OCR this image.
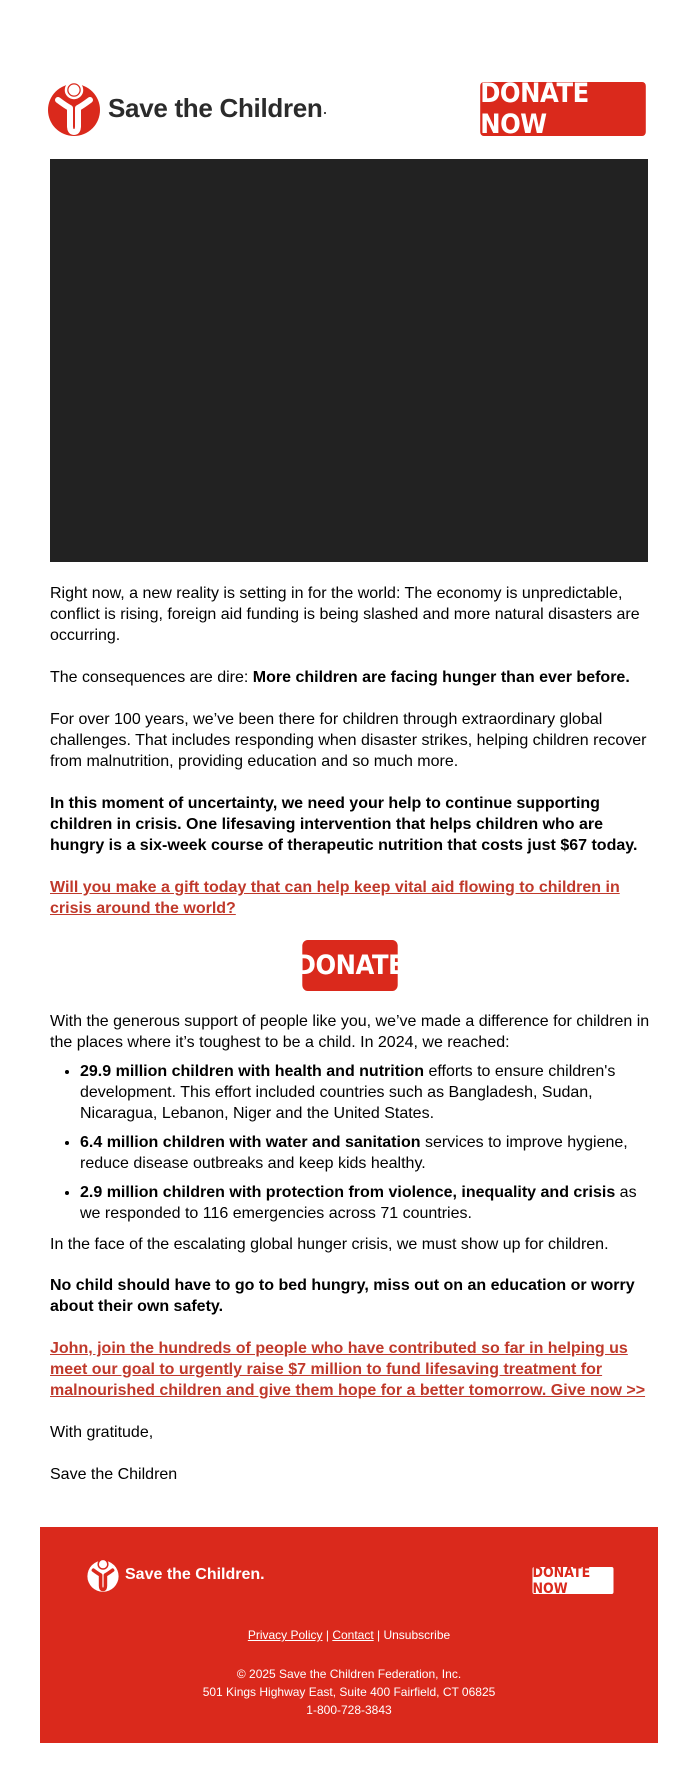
Save the Children .	DONATE NOW

Right now, a new reality is setting in for the world: The economy is unpredictable, conflict is rising, foreign aid funding is being slashed and more natural disasters are occurring.

The consequences are dire: More children are facing hunger than ever before.

For over 100 years, we’ve been there for children through extraordinary global challenges. That includes responding when disaster strikes, helping children recover from malnutrition, providing education and so much more.

In this moment of uncertainty, we need your help to continue supporting children in crisis. One lifesaving intervention that helps children who are hungry is a six-week course of therapeutic nutrition that costs just $67 today.

Will you make a gift today that can help keep vital aid flowing to children in crisis around the world?

DONATE

With the generous support of people like you, we’ve made a difference for children in the places where it’s toughest to be a child. In 2024, we reached:

• 29.9 million children with health and nutrition efforts to ensure children's development. This effort included countries such as Bangladesh, Sudan, Nicaragua, Lebanon, Niger and the United States.
• 6.4 million children with water and sanitation services to improve hygiene, reduce disease outbreaks and keep kids healthy.
• 2.9 million children with protection from violence, inequality and crisis as we responded to 116 emergencies across 71 countries.

In the face of the escalating global hunger crisis, we must show up for children.

No child should have to go to bed hungry, miss out on an education or worry about their own safety.

John, join the hundreds of people who have contributed so far in helping us meet our goal to urgently raise $7 million to fund lifesaving treatment for malnourished children and give them hope for a better tomorrow. Give now >>

With gratitude,

Save the Children

Save the Children .	DONATE NOW
Privacy Policy | Contact | Unsubscribe
© 2025 Save the Children Federation, Inc.
501 Kings Highway East, Suite 400 Fairfield, CT 06825
1-800-728-3843
